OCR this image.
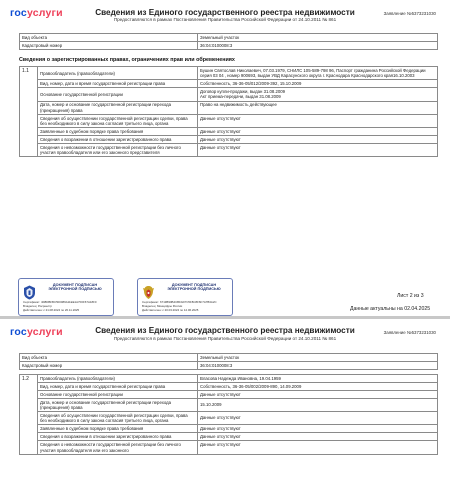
госуслуги	Сведения из Единого государственного реестра недвижимости
Предоставляются в рамках Постановления Правительства Российской Федерации от 24.10.2011 № 861
Заявление №5373231030
Вид объекта	Земельный участок
Кадастровый номер	36:04:0100008:3
Сведения о зарегистрированных правах, ограничениях прав или обременениях
1.1	Правообладатель (правообладатели)	Бушин Святослав Николаевич, 07.03.1979, СНИЛС 105-589-798 96, Паспорт гражданина Российской Федерации серия 03 04 , номер 900693, выдан УВД Карасунского округа г. Краснодара Краснодарского края16.10.2003
	Вид, номер, дата и время государственной регистрации права	Собственность, 36-36-05/012/2009-392, 15.10.2009
	Основание государственной регистрации	Договор купли-продажи, выдан 31.08.2009
Акт приема-передачи, выдан 31.08.2009
	Дата, номер и основание государственной регистрации перехода (прекращения) права	Право на недвижимость действующее
	Сведения об осуществлении государственной регистрации сделки, права без необходимого в силу закона согласия третьего лица, органа	Данные отсутствуют
	Заявленные в судебном порядке права требования	Данные отсутствуют
	Сведения о возражении в отношении зарегистрированного права	Данные отсутствуют
	Сведения о невозможности государственной регистрации без личного участия правообладателя или его законного представителя	Данные отсутствуют
ДОКУМЕНТ ПОДПИСАН ЭЛЕКТРОННОЙ ПОДПИСЬЮ
Сертификат: 4D8DBFBC500089A11EE1A7F0F67A18F0
Владелец: Росреестр
Действителен: с 21.08.2024 по 20.11.2025
ДОКУМЕНТ ПОДПИСАН ЭЛЕКТРОННОЙ ПОДПИСЬЮ
Сертификат: 6713B90B4CBFAD7C5F8C8F6F7A7B3A2C
Владелец: Минцифры России
Действителен: с 20.03.2024 по 12.06.2025
Лист 2 из 3
Данные актуальны на 02.04.2025
госуслуги	Сведения из Единого государственного реестра недвижимости
Предоставляются в рамках Постановления Правительства Российской Федерации от 24.10.2011 № 861
Заявление №5373231030
Вид объекта	Земельный участок
Кадастровый номер	36:04:0100008:3
1.2	Правообладатель (правообладатели)	Власова Надежда Ивановна, 19.04.1959
	Вид, номер, дата и время государственной регистрации права	Собственность, 36-36-05/002/2009-890, 14.09.2009
	Основание государственной регистрации	Данные отсутствуют
	Дата, номер и основание государственной регистрации перехода (прекращения) права	15.10.2009
	Сведения об осуществлении государственной регистрации сделки, права без необходимого в силу закона согласия третьего лица, органа	Данные отсутствуют
	Заявленные в судебном порядке права требования	Данные отсутствуют
	Сведения о возражении в отношении зарегистрированного права	Данные отсутствуют
	Сведения о невозможности государственной регистрации без личного участия правообладателя или его законного	Данные отсутствуют
